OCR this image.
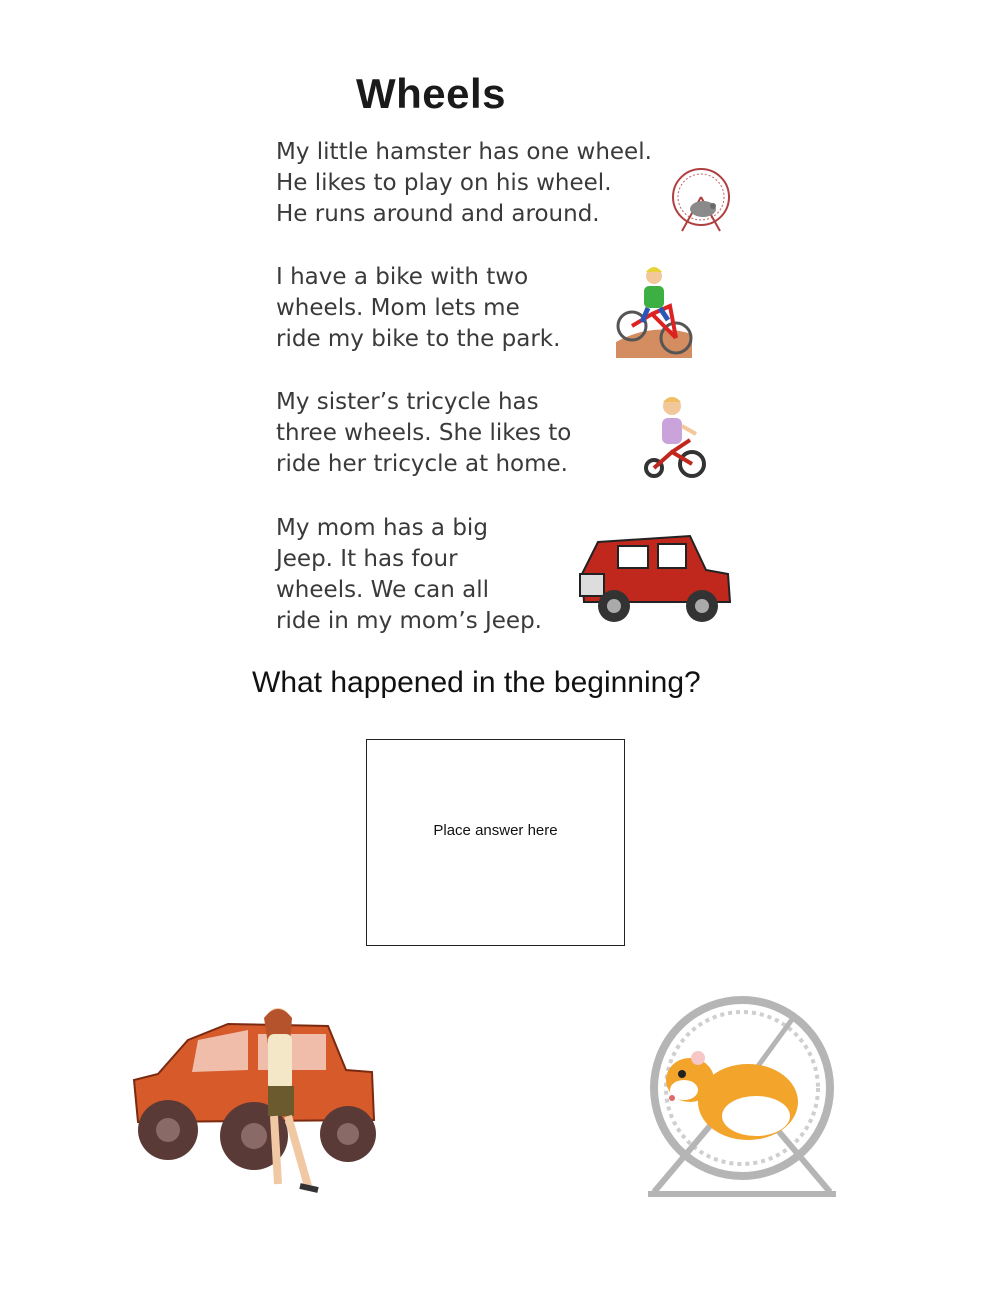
Wheels
My little hamster has one wheel.
He likes to play on his wheel.
He runs around and around.
I have a bike with two
wheels. Mom lets me
ride my bike to the park.
My sister’s tricycle has
three wheels. She likes to
ride her tricycle at home.
My mom has a big
Jeep. It has four
wheels. We can all
ride in my mom’s Jeep.
What happened in the beginning?
Place answer here
